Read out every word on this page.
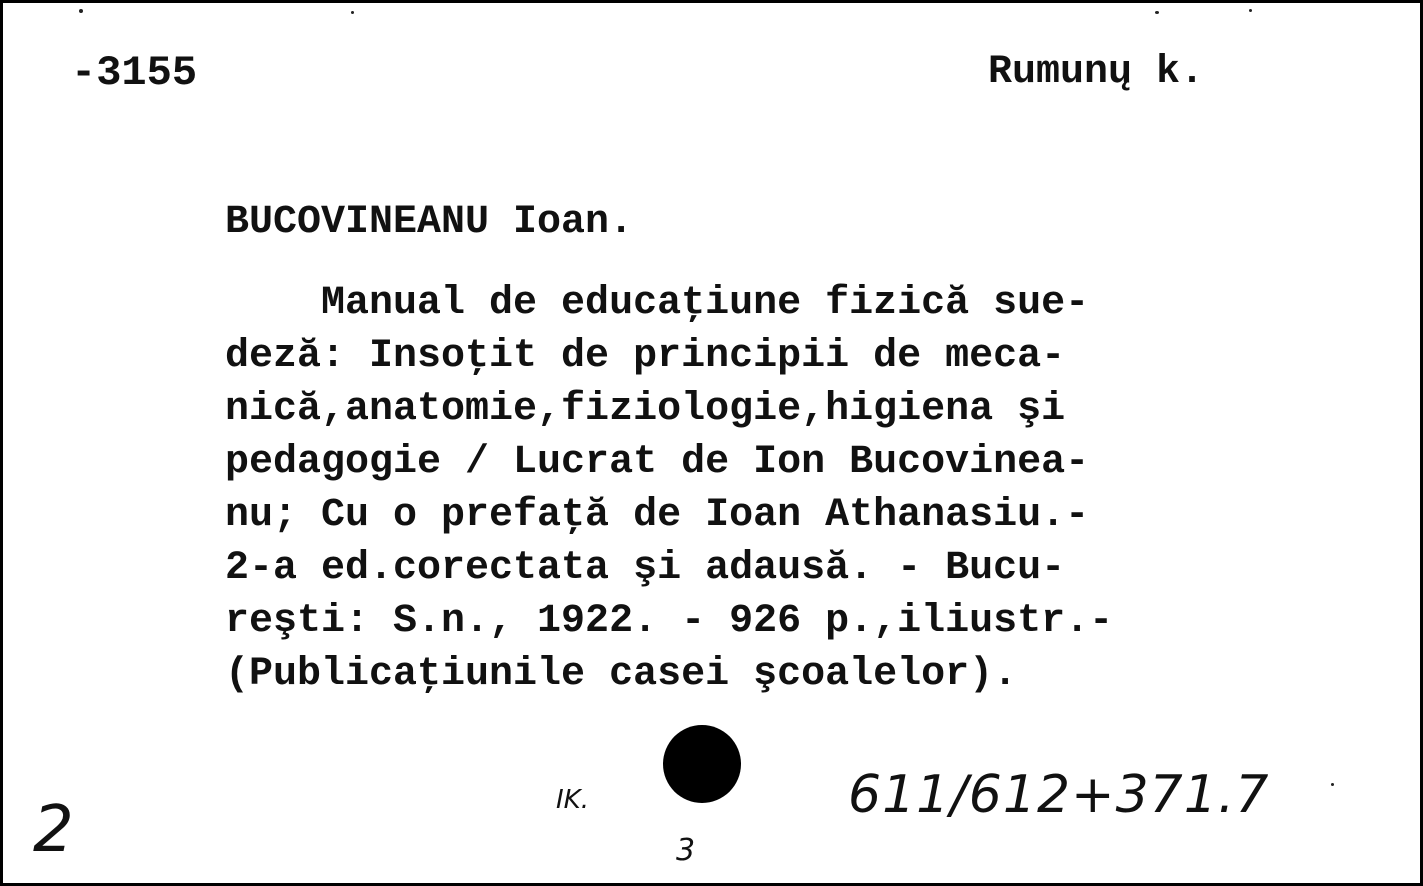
-3155	Rumunų k.
BUCOVINEANU Ioan.
Manual de educaţiune fizică sue-
deză: Insoţit de principii de meca-
nică,anatomie,fiziologie,higiena şi
pedagogie / Lucrat de Ion Bucovinea-
nu; Cu o prefaţă de Ioan Athanasiu.-
2-a ed.corectata şi adausă. - Bucu-
reşti: S.n., 1922. - 926 p.,iliustr.-
(Publicaţiunile casei şcoalelor).
2	IK.	611/612+371.7
3
